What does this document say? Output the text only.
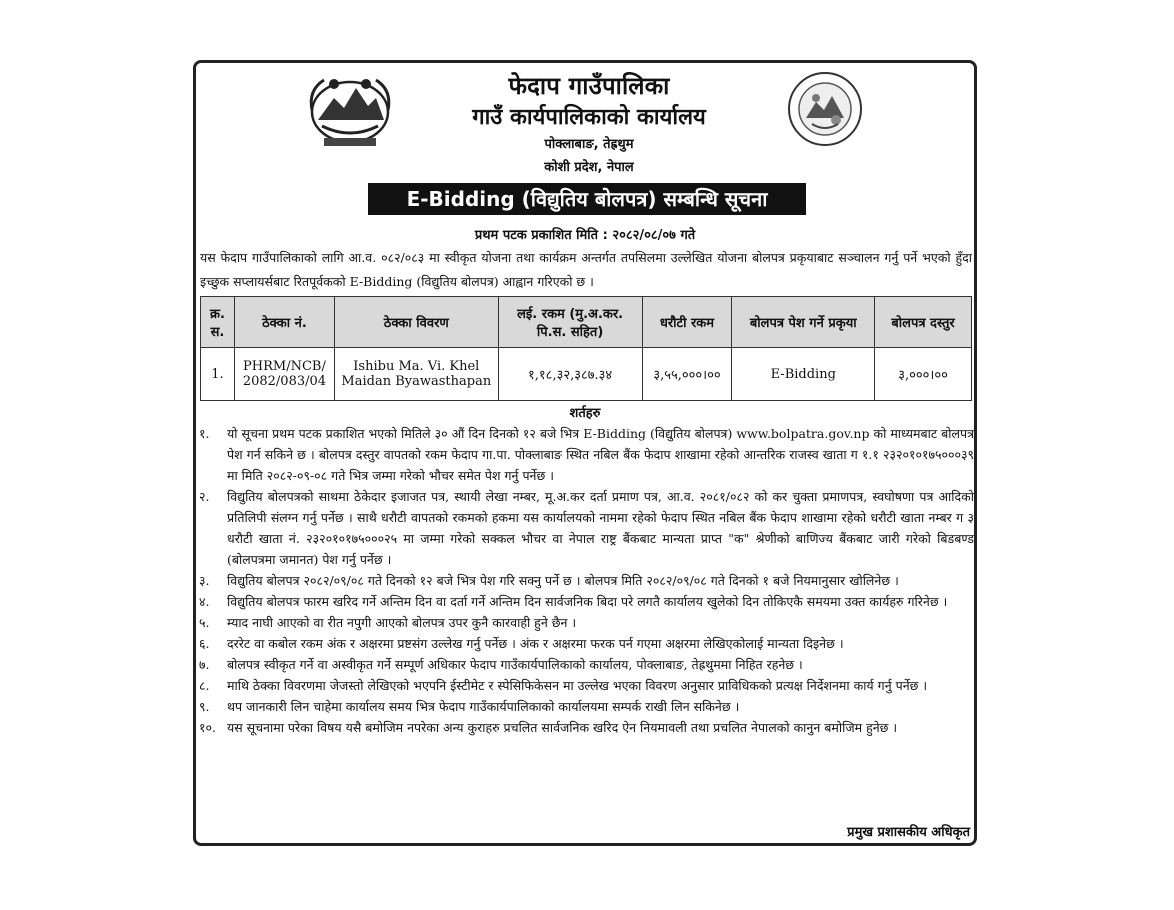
फेदाप गाउँपालिका
गाउँ कार्यपालिकाको कार्यालय
पोक्लाबाङ, तेह्रथुम
कोशी प्रदेश, नेपाल
E-Bidding (विद्युतिय बोलपत्र) सम्बन्धि सूचना
प्रथम पटक प्रकाशित मिति : २०८२/०८/०७ गते
यस फेदाप गाउँपालिकाको लागि आ.व. ०८२/०८३ मा स्वीकृत योजना तथा कार्यक्रम अन्तर्गत तपसिलमा उल्लेखित योजना बोलपत्र प्रकृयाबाट सञ्चालन गर्नु पर्ने भएको हुँदा इच्छुक सप्लायर्सबाट रितपूर्वकको E-Bidding (विद्युतिय बोलपत्र) आह्वान गरिएको छ ।
क्र. स.	ठेक्का नं.	ठेक्का विवरण	लई. रकम (मु.अ.कर. पि.स. सहित)	धरौटी रकम	बोलपत्र पेश गर्ने प्रकृया	बोलपत्र दस्तुर
1.	PHRM/NCB/ 2082/083/04	Ishibu Ma. Vi. Khel Maidan Byawasthapan	१,१८,३२,३८७.३४	३,५५,०००।००	E-Bidding	३,०००।००
शर्तहरु
१. यो सूचना प्रथम पटक प्रकाशित भएको मितिले ३० औं दिन दिनको १२ बजे भित्र E-Bidding (विद्युतिय बोलपत्र) www.bolpatra.gov.np को माध्यमबाट बोलपत्र पेश गर्न सकिने छ । बोलपत्र दस्तुर वापतको रकम फेदाप गा.पा. पोक्लाबाङ स्थित नबिल बैंक फेदाप शाखामा रहेको आन्तरिक राजस्व खाता ग १.१ २३२०१०१७५०००३९ मा मिति २०८२-०९-०८ गते भित्र जम्मा गरेको भौचर समेत पेश गर्नु पर्नेछ ।
२. विद्युतिय बोलपत्रको साथमा ठेकेदार इजाजत पत्र, स्थायी लेखा नम्बर, मू.अ.कर दर्ता प्रमाण पत्र, आ.व. २०८१/०८२ को कर चुक्ता प्रमाणपत्र, स्वघोषणा पत्र आदिको प्रतिलिपी संलग्न गर्नु पर्नेछ । साथै धरौटी वापतको रकमको हकमा यस कार्यालयको नाममा रहेको फेदाप स्थित नबिल बैंक फेदाप शाखामा रहेको धरौटी खाता नम्बर ग ३ धरौटी खाता नं. २३२०१०१७५०००२५ मा जम्मा गरेको सक्कल भौचर वा नेपाल राष्ट्र बैंकबाट मान्यता प्राप्त "क" श्रेणीको बाणिज्य बैंकबाट जारी गरेको बिडबण्ड (बोलपत्रमा जमानत) पेश गर्नु पर्नेछ ।
३. विद्युतिय बोलपत्र २०८२/०९/०८ गते दिनको १२ बजे भित्र पेश गरि सक्नु पर्ने छ । बोलपत्र मिति २०८२/०९/०८ गते दिनको १ बजे नियमानुसार खोलिनेछ ।
४. विद्युतिय बोलपत्र फारम खरिद गर्ने अन्तिम दिन वा दर्ता गर्ने अन्तिम दिन सार्वजनिक बिदा परे लगतै कार्यालय खुलेको दिन तोकिएकै समयमा उक्त कार्यहरु गरिनेछ ।
५. म्याद नाघी आएको वा रीत नपुगी आएको बोलपत्र उपर कुनै कारवाही हुने छैन ।
६. दररेट वा कबोल रकम अंक र अक्षरमा प्रष्टसंग उल्लेख गर्नु पर्नेछ । अंक र अक्षरमा फरक पर्न गएमा अक्षरमा लेखिएकोलाई मान्यता दिइनेछ ।
७. बोलपत्र स्वीकृत गर्ने वा अस्वीकृत गर्ने सम्पूर्ण अधिकार फेदाप गाउँकार्यपालिकाको कार्यालय, पोक्लाबाङ, तेह्रथुममा निहित रहनेछ ।
८. माथि ठेक्का विवरणमा जेजस्तो लेखिएको भएपनि ईस्टीमेट र स्पेसिफिकेसन मा उल्लेख भएका विवरण अनुसार प्राविधिकको प्रत्यक्ष निर्देशनमा कार्य गर्नु पर्नेछ ।
९. थप जानकारी लिन चाहेमा कार्यालय समय भित्र फेदाप गाउँकार्यपालिकाको कार्यालयमा सम्पर्क राखी लिन सकिनेछ ।
१०. यस सूचनामा परेका विषय यसै बमोजिम नपरेका अन्य कुराहरु प्रचलित सार्वजनिक खरिद ऐन नियमावली तथा प्रचलित नेपालको कानुन बमोजिम हुनेछ ।
प्रमुख प्रशासकीय अधिकृत
